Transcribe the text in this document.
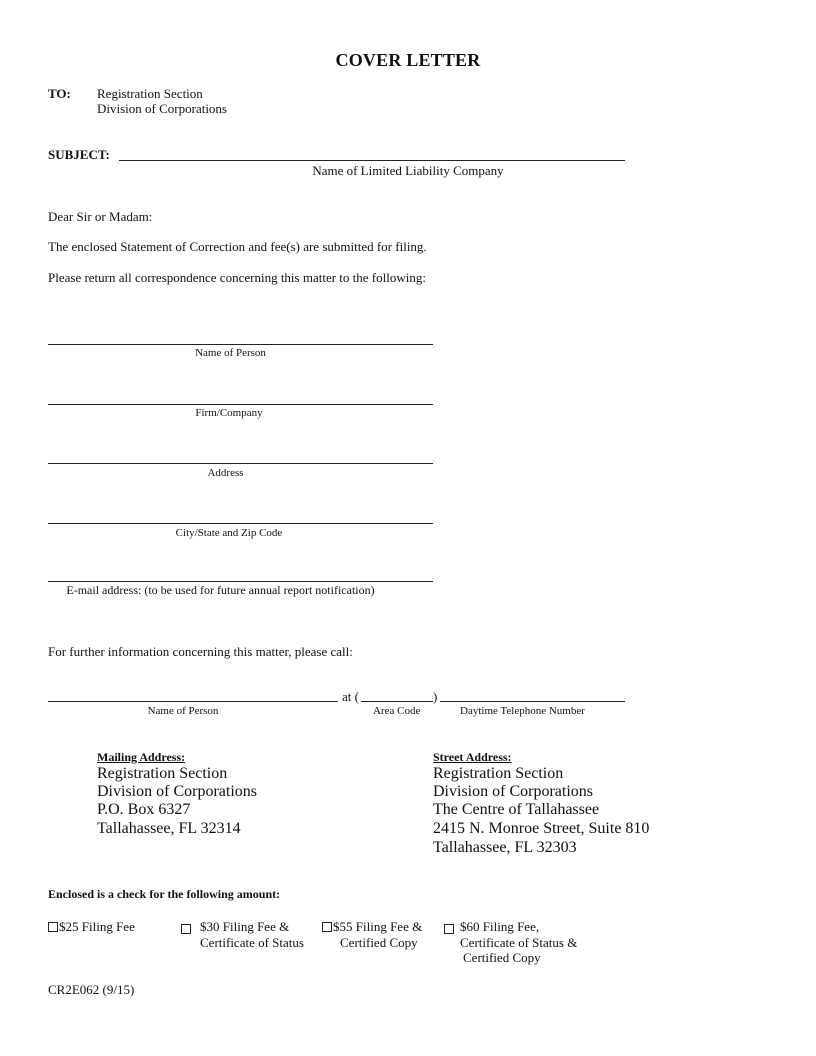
COVER LETTER
TO: Registration Section
Division of Corporations
SUBJECT:
Name of Limited Liability Company
Dear Sir or Madam:
The enclosed Statement of Correction and fee(s) are submitted for filing.
Please return all correspondence concerning this matter to the following:
Name of Person
Firm/Company
Address
City/State and Zip Code
E-mail address: (to be used for future annual report notification)
For further information concerning this matter, please call:
at (	)
Name of Person	Area Code	Daytime Telephone Number
Mailing Address:
Registration Section
Division of Corporations
P.O. Box 6327
Tallahassee, FL 32314
Street Address:
Registration Section
Division of Corporations
The Centre of Tallahassee
2415 N. Monroe Street, Suite 810
Tallahassee, FL 32303
Enclosed is a check for the following amount:
$25 Filing Fee	$30 Filing Fee &
Certificate of Status
$55 Filing Fee &
Certified Copy
$60 Filing Fee,
Certificate of Status &
Certified Copy
CR2E062 (9/15)
